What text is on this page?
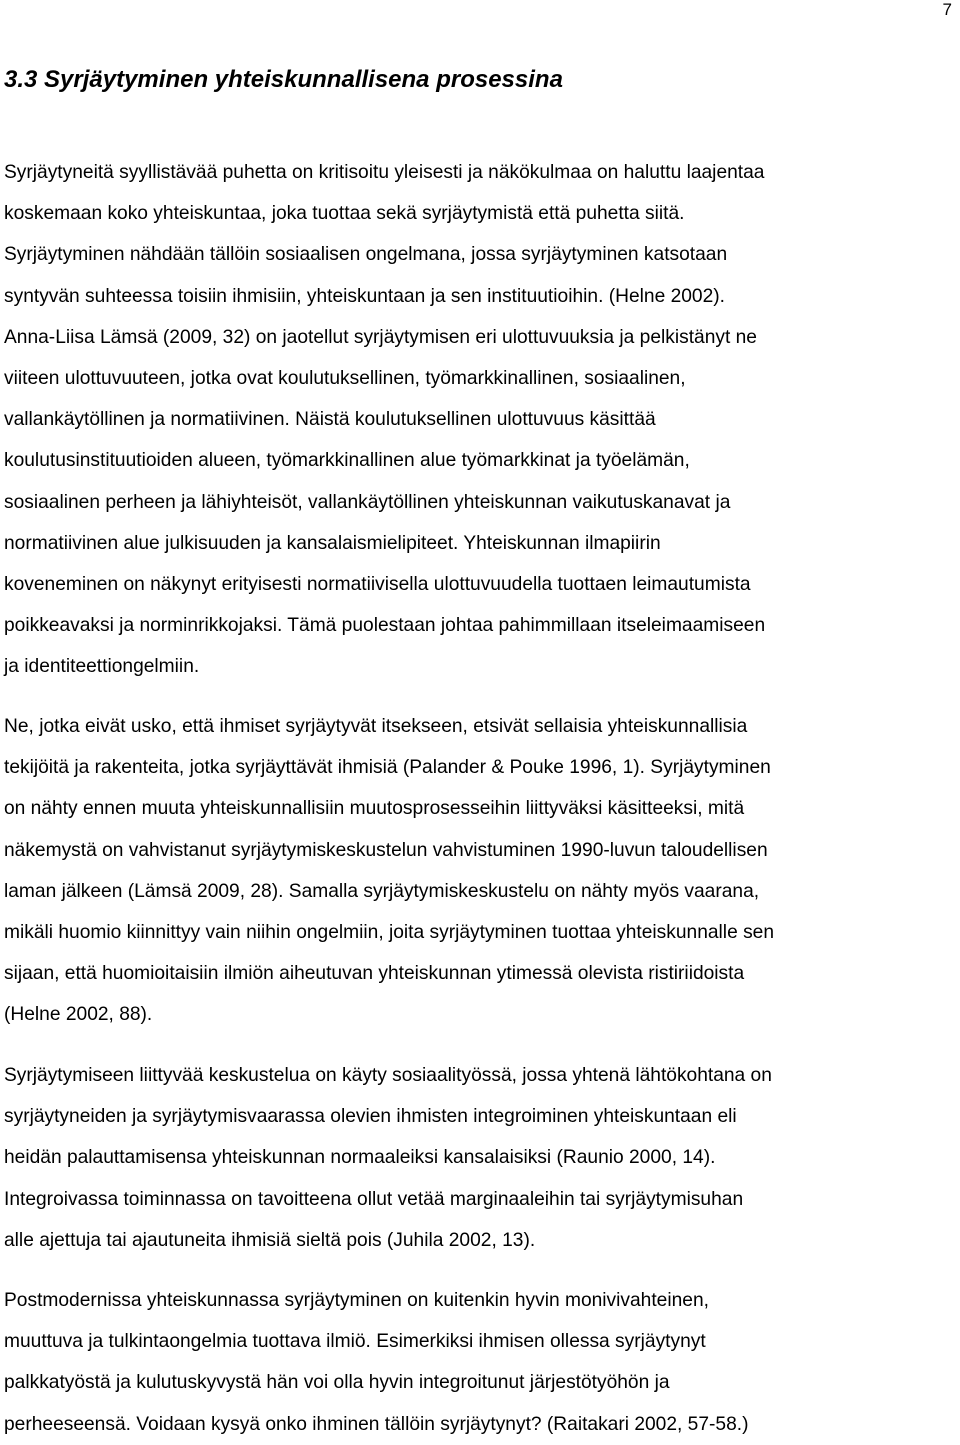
7
3.3 Syrjäytyminen yhteiskunnallisena prosessina
Syrjäytyneitä syyllistävää puhetta on kritisoitu yleisesti ja näkökulmaa on haluttu laajentaa
koskemaan koko yhteiskuntaa, joka tuottaa sekä syrjäytymistä että puhetta siitä.
Syrjäytyminen nähdään tällöin sosiaalisen ongelmana, jossa syrjäytyminen katsotaan
syntyvän suhteessa toisiin ihmisiin, yhteiskuntaan ja sen instituutioihin. (Helne 2002).
Anna-Liisa Lämsä (2009, 32) on jaotellut syrjäytymisen eri ulottuvuuksia ja pelkistänyt ne
viiteen ulottuvuuteen, jotka ovat koulutuksellinen, työmarkkinallinen, sosiaalinen,
vallankäytöllinen ja normatiivinen. Näistä koulutuksellinen ulottuvuus käsittää
koulutusinstituutioiden alueen, työmarkkinallinen alue työmarkkinat ja työelämän,
sosiaalinen perheen ja lähiyhteisöt, vallankäytöllinen yhteiskunnan vaikutuskanavat ja
normatiivinen alue julkisuuden ja kansalaismielipiteet. Yhteiskunnan ilmapiirin
koveneminen on näkynyt erityisesti normatiivisella ulottuvuudella tuottaen leimautumista
poikkeavaksi ja norminrikkojaksi. Tämä puolestaan johtaa pahimmillaan itseleimaamiseen
ja identiteettiongelmiin.
Ne, jotka eivät usko, että ihmiset syrjäytyvät itsekseen, etsivät sellaisia yhteiskunnallisia
tekijöitä ja rakenteita, jotka syrjäyttävät ihmisiä (Palander & Pouke 1996, 1). Syrjäytyminen
on nähty ennen muuta yhteiskunnallisiin muutosprosesseihin liittyväksi käsitteeksi, mitä
näkemystä on vahvistanut syrjäytymiskeskustelun vahvistuminen 1990-luvun taloudellisen
laman jälkeen (Lämsä 2009, 28). Samalla syrjäytymiskeskustelu on nähty myös vaarana,
mikäli huomio kiinnittyy vain niihin ongelmiin, joita syrjäytyminen tuottaa yhteiskunnalle sen
sijaan, että huomioitaisiin ilmiön aiheutuvan yhteiskunnan ytimessä olevista ristiriidoista
(Helne 2002, 88).
Syrjäytymiseen liittyvää keskustelua on käyty sosiaalityössä, jossa yhtenä lähtökohtana on
syrjäytyneiden ja syrjäytymisvaarassa olevien ihmisten integroiminen yhteiskuntaan eli
heidän palauttamisensa yhteiskunnan normaaleiksi kansalaisiksi (Raunio 2000, 14).
Integroivassa toiminnassa on tavoitteena ollut vetää marginaaleihin tai syrjäytymisuhan
alle ajettuja tai ajautuneita ihmisiä sieltä pois (Juhila 2002, 13).
Postmodernissa yhteiskunnassa syrjäytyminen on kuitenkin hyvin monivivahteinen,
muuttuva ja tulkintaongelmia tuottava ilmiö. Esimerkiksi ihmisen ollessa syrjäytynyt
palkkatyöstä ja kulutuskyvystä hän voi olla hyvin integroitunut järjestötyöhön ja
perheeseensä. Voidaan kysyä onko ihminen tällöin syrjäytynyt? (Raitakari 2002, 57-58.)
